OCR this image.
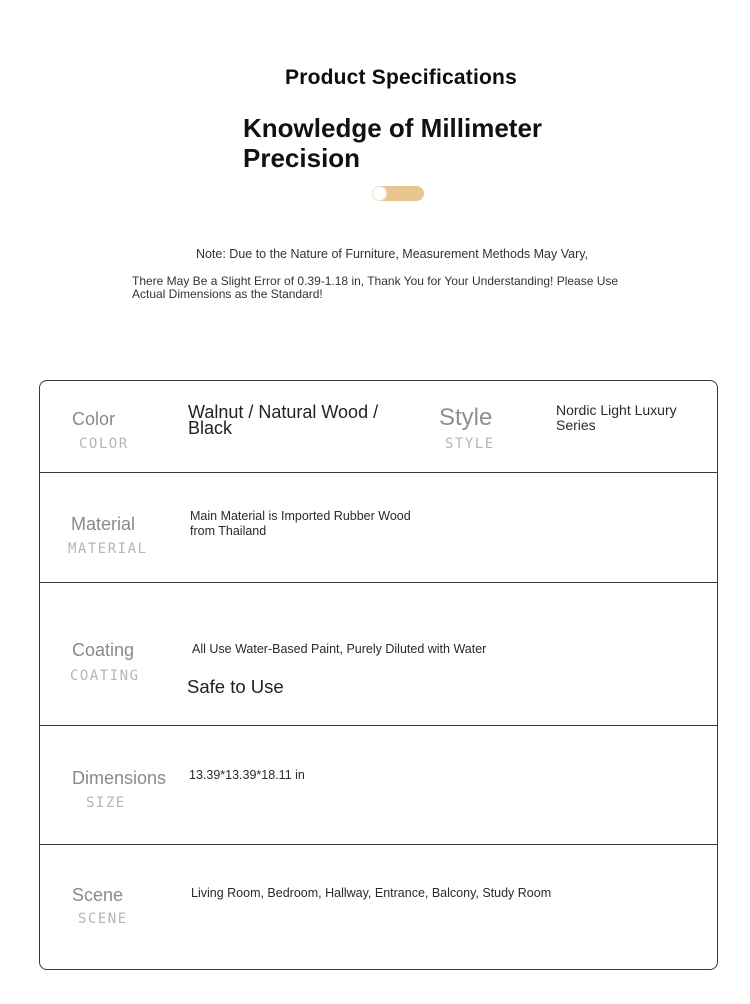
Product Specifications
Knowledge of Millimeter Precision
Note: Due to the Nature of Furniture, Measurement Methods May Vary,
There May Be a Slight Error of 0.39-1.18 in, Thank You for Your Understanding! Please Use Actual Dimensions as the Standard!
Color
COLOR
Walnut / Natural Wood / Black	Style
STYLE
Nordic Light Luxury Series
Material
MATERIAL
Main Material is Imported Rubber Wood from Thailand
Coating
COATING
All Use Water-Based Paint, Purely Diluted with Water
Safe to Use
Dimensions
SIZE
13.39*13.39*18.11 in
Scene
SCENE
Living Room, Bedroom, Hallway, Entrance, Balcony, Study Room
